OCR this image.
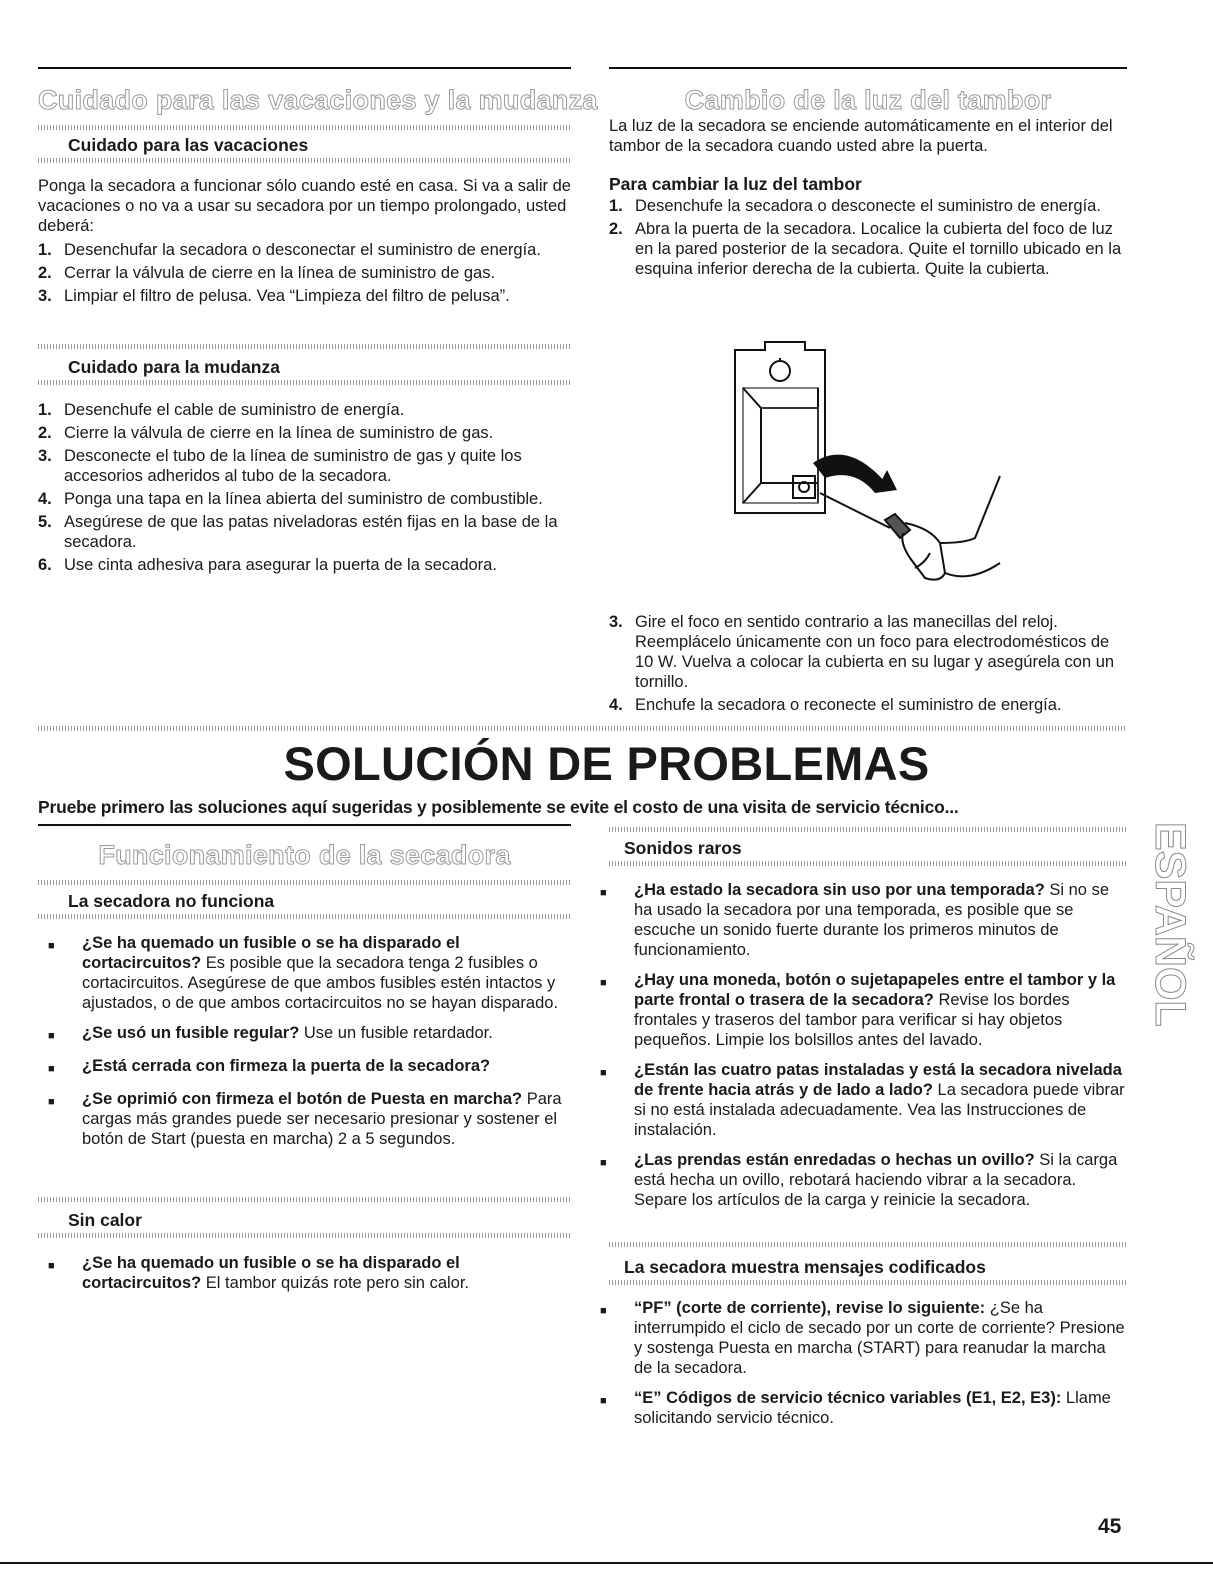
Cuidado para las vacaciones y la mudanza
Cuidado para las vacaciones

Ponga la secadora a funcionar sólo cuando esté en casa. Si va a salir de vacaciones o no va a usar su secadora por un tiempo prolongado, usted deberá:

1. Desenchufar la secadora o desconectar el suministro de energía.
2. Cerrar la válvula de cierre en la línea de suministro de gas.
3. Limpiar el filtro de pelusa. Vea “Limpieza del filtro de pelusa”.
Cuidado para la mudanza
1. Desenchufe el cable de suministro de energía.
2. Cierre la válvula de cierre en la línea de suministro de gas.
3. Desconecte el tubo de la línea de suministro de gas y quite los accesorios adheridos al tubo de la secadora.
4. Ponga una tapa en la línea abierta del suministro de combustible.
5. Asegúrese de que las patas niveladoras estén fijas en la base de la secadora.
6. Use cinta adhesiva para asegurar la puerta de la secadora.
Cambio de la luz del tambor

La luz de la secadora se enciende automáticamente en el interior del tambor de la secadora cuando usted abre la puerta.

Para cambiar la luz del tambor

1. Desenchufe la secadora o desconecte el suministro de energía.
2. Abra la puerta de la secadora. Localice la cubierta del foco de luz en la pared posterior de la secadora. Quite el tornillo ubicado en la esquina inferior derecha de la cubierta. Quite la cubierta.
3. Gire el foco en sentido contrario a las manecillas del reloj. Reemplácelo únicamente con un foco para electrodomésticos de 10 W. Vuelva a colocar la cubierta en su lugar y asegúrela con un tornillo.
4. Enchufe la secadora o reconecte el suministro de energía.
SOLUCIÓN DE PROBLEMAS
Pruebe primero las soluciones aquí sugeridas y posiblemente se evite el costo de una visita de servicio técnico...
Funcionamiento de la secadora
La secadora no funciona
■	¿Se ha quemado un fusible o se ha disparado el cortacircuitos? Es posible que la secadora tenga 2 fusibles o cortacircuitos. Asegúrese de que ambos fusibles estén intactos y ajustados, o de que ambos cortacircuitos no se hayan disparado.
■	¿Se usó un fusible regular? Use un fusible retardador.
■	¿Está cerrada con firmeza la puerta de la secadora?
■	¿Se oprimió con firmeza el botón de Puesta en marcha? Para cargas más grandes puede ser necesario presionar y sostener el botón de Start (puesta en marcha) 2 a 5 segundos.
Sin calor
■	¿Se ha quemado un fusible o se ha disparado el cortacircuitos? El tambor quizás rote pero sin calor.
Sonidos raros
■	¿Ha estado la secadora sin uso por una temporada? Si no se ha usado la secadora por una temporada, es posible que se escuche un sonido fuerte durante los primeros minutos de funcionamiento.
■	¿Hay una moneda, botón o sujetapapeles entre el tambor y la parte frontal o trasera de la secadora? Revise los bordes frontales y traseros del tambor para verificar si hay objetos pequeños. Limpie los bolsillos antes del lavado.
■	¿Están las cuatro patas instaladas y está la secadora nivelada de frente hacia atrás y de lado a lado? La secadora puede vibrar si no está instalada adecuadamente. Vea las Instrucciones de instalación.
■	¿Las prendas están enredadas o hechas un ovillo? Si la carga está hecha un ovillo, rebotará haciendo vibrar a la secadora. Separe los artículos de la carga y reinicie la secadora.
La secadora muestra mensajes codificados
■	“PF” (corte de corriente), revise lo siguiente: ¿Se ha interrumpido el ciclo de secado por un corte de corriente? Presione y sostenga Puesta en marcha (START) para reanudar la marcha de la secadora.
■	“E” Códigos de servicio técnico variables (E1, E2, E3): Llame solicitando servicio técnico.
ESPAÑOL
45
